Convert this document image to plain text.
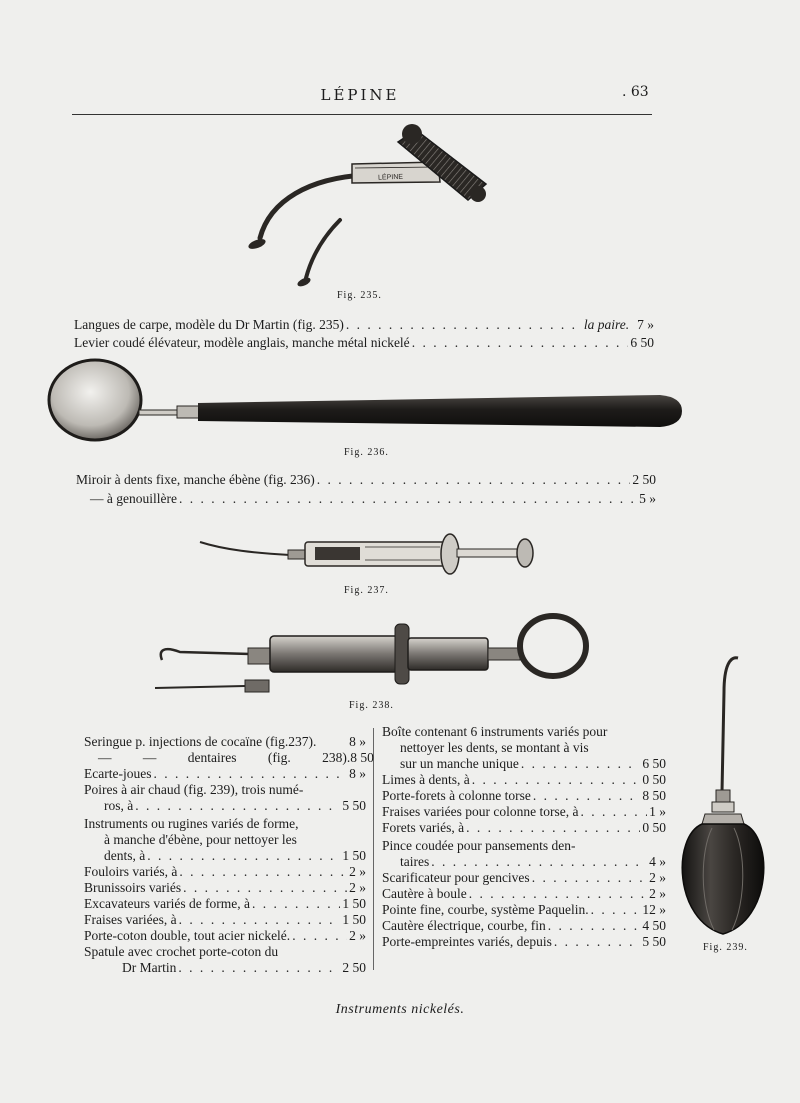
LÉPINE	. 63
LÉPINE
Fig. 235.
Langues de carpe, modèle du Dr Martin (fig. 235) . . .	la paire. 7 »
Levier coudé élévateur, modèle anglais, manche métal nickelé . . .	6 50
Fig. 236.
Miroir à dents fixe, manche ébène (fig. 236) . . .	2 50
— à genouillère . . .	5 »
Fig. 237.
Fig. 238.
Seringue p. injections de cocaïne (fig.237). 8 »
— — dentaires (fig. 238). 8 50
Ecarte-joues . . .	8 »
Poires à air chaud (fig. 239), trois numé-
ros, à . . .	5 50
Instruments ou rugines variés de forme,
à manche d'ébène, pour nettoyer les
dents, à . . .	1 50
Fouloirs variés, à . . .	2 »
Brunissoirs variés . . .	2 »
Excavateurs variés de forme, à . . .	1 50
Fraises variées, à . . .	1 50
Porte-coton double, tout acier nickelé. . . .	2 »
Spatule avec crochet porte-coton du
Dr Martin . . .	2 50
Boîte contenant 6 instruments variés pour
nettoyer les dents, se montant à vis
sur un manche unique . . .	6 50
Limes à dents, à . . .	0 50
Porte-forets à colonne torse . . .	8 50
Fraises variées pour colonne torse, à . . .	1 »
Forets variés, à . . .	0 50
Pince coudée pour pansements den-
taires . . .	4 »
Scarificateur pour gencives . . .	2 »
Cautère à boule . . .	2 »
Pointe fine, courbe, système Paquelin. . . .	12 »
Cautère électrique, courbe, fin . . .	4 50
Porte-empreintes variés, depuis . . .	5 50	Fig. 239.
Instruments nickelés.
